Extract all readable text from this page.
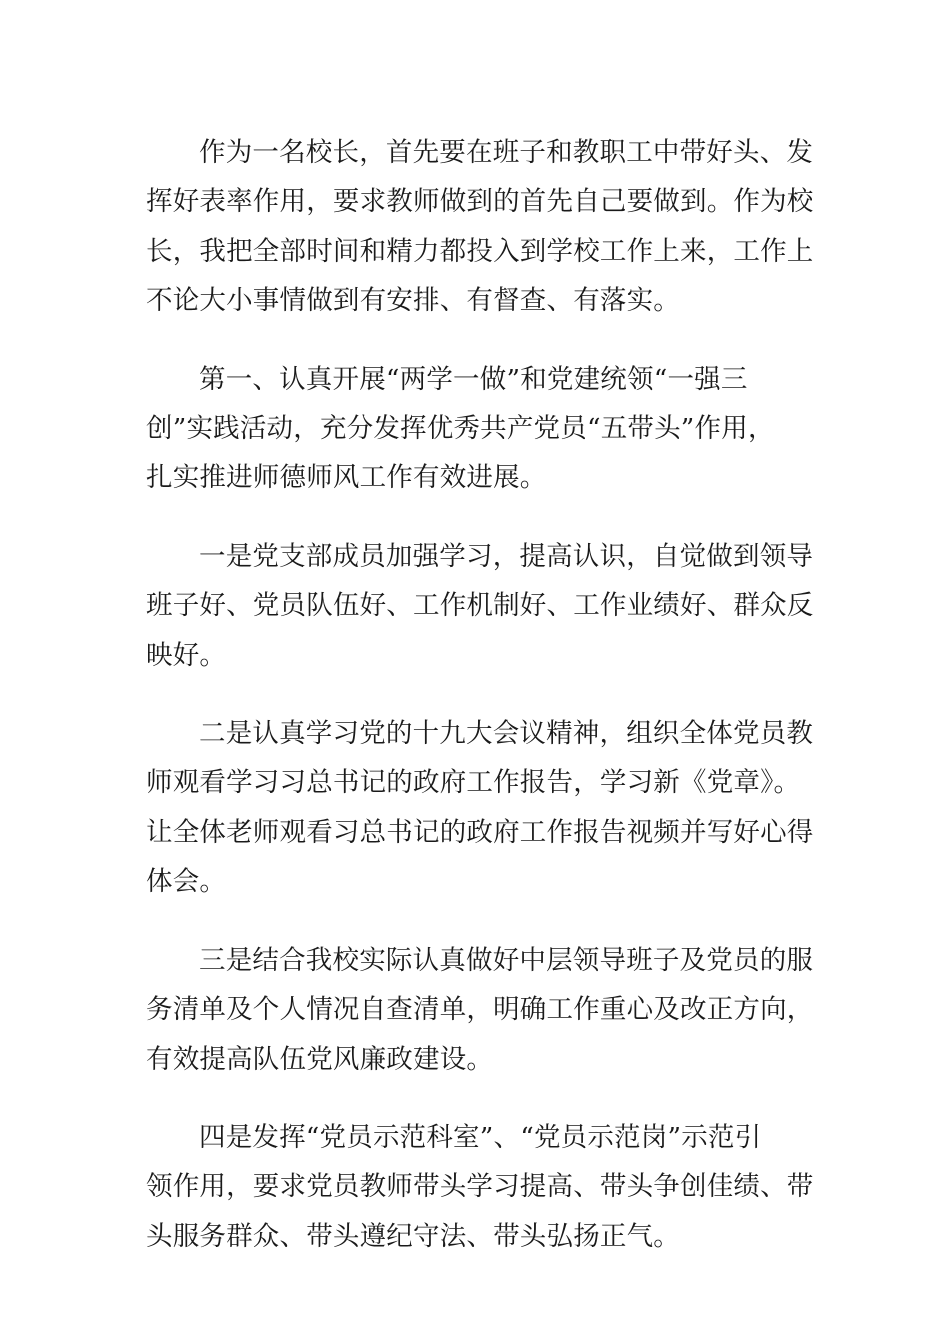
作为一名校长，首先要在班子和教职工中带好头、发
挥好表率作用，要求教师做到的首先自己要做到。作为校
长，我把全部时间和精力都投入到学校工作上来，工作上
不论大小事情做到有安排、有督查、有落实。

第一、认真开展“两学一做”和党建统领“一强三
创”实践活动，充分发挥优秀共产党员“五带头”作用，
扎实推进师德师风工作有效进展。

一是党支部成员加强学习，提高认识，自觉做到领导
班子好、党员队伍好、工作机制好、工作业绩好、群众反
映好。

二是认真学习党的十九大会议精神，组织全体党员教
师观看学习习总书记的政府工作报告，学习新《党章》。
让全体老师观看习总书记的政府工作报告视频并写好心得
体会。

三是结合我校实际认真做好中层领导班子及党员的服
务清单及个人情况自查清单，明确工作重心及改正方向，
有效提高队伍党风廉政建设。

四是发挥“党员示范科室”、“党员示范岗”示范引
领作用，要求党员教师带头学习提高、带头争创佳绩、带
头服务群众、带头遵纪守法、带头弘扬正气。
